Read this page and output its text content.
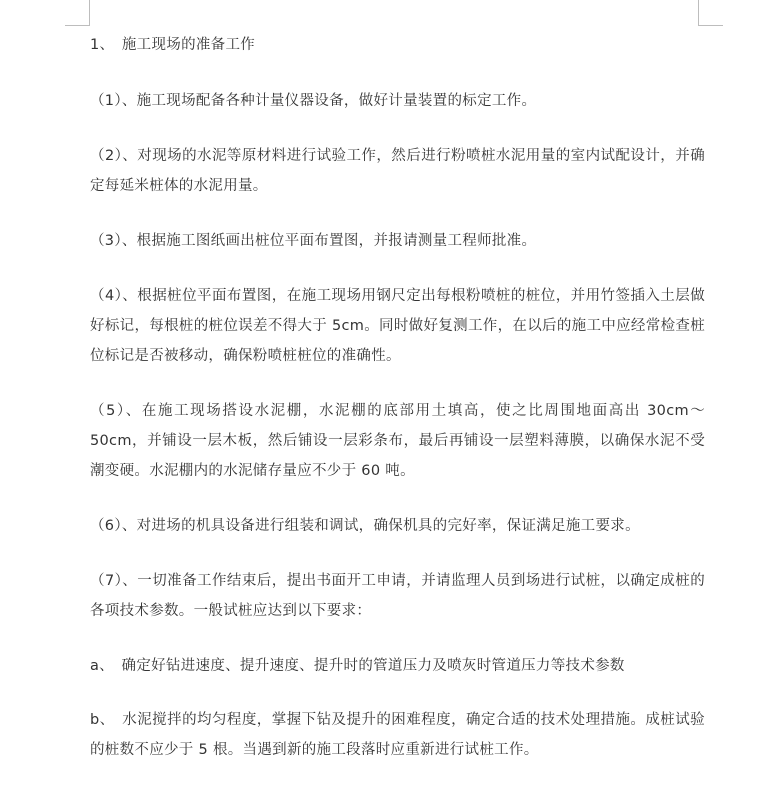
1、　施工现场的准备工作

（1）、施工现场配备各种计量仪器设备，做好计量装置的标定工作。

（2）、对现场的水泥等原材料进行试验工作，然后进行粉喷桩水泥用量的室内试配设计，并确定每延米桩体的水泥用量。

（3）、根据施工图纸画出桩位平面布置图，并报请测量工程师批准。

（4）、根据桩位平面布置图，在施工现场用钢尺定出每根粉喷桩的桩位，并用竹签插入土层做好标记，每根桩的桩位误差不得大于 5cm。同时做好复测工作，在以后的施工中应经常检查桩位标记是否被移动，确保粉喷桩桩位的准确性。

（5）、在施工现场搭设水泥棚，水泥棚的底部用土填高，使之比周围地面高出 30cm～50cm，并铺设一层木板，然后铺设一层彩条布，最后再铺设一层塑料薄膜，以确保水泥不受潮变硬。水泥棚内的水泥储存量应不少于 60 吨。

（6）、对进场的机具设备进行组装和调试，确保机具的完好率，保证满足施工要求。

（7）、一切准备工作结束后，提出书面开工申请，并请监理人员到场进行试桩，以确定成桩的各项技术参数。一般试桩应达到以下要求：

a、　确定好钻进速度、提升速度、提升时的管道压力及喷灰时管道压力等技术参数

b、　水泥搅拌的均匀程度，掌握下钻及提升的困难程度，确定合适的技术处理措施。成桩试验的桩数不应少于 5 根。当遇到新的施工段落时应重新进行试桩工作。
